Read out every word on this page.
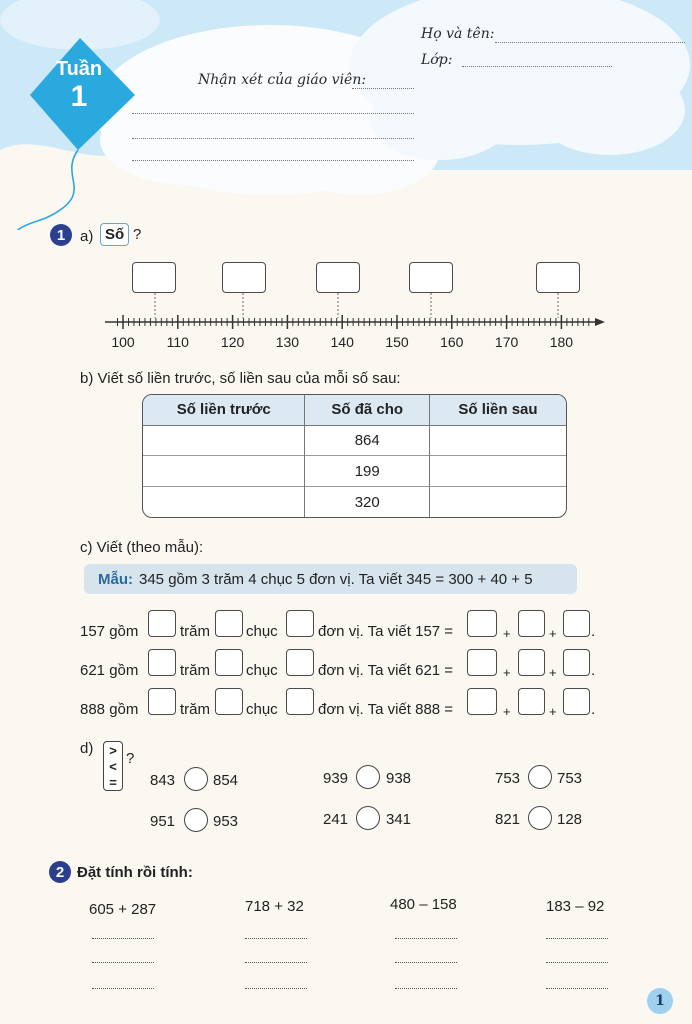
Tuần
1	Nhận xét của giáo viên:
Họ và tên:
Lớp:
1 a) Số ?
100 110 120 130 140 150 160 170 180
b) Viết số liền trước, số liền sau của mỗi số sau:
Số liền trước	Số đã cho	Số liền sau
	864	
	199	
	320	
c) Viết (theo mẫu):
Mẫu: 345 gồm 3 trăm 4 chục 5 đơn vị. Ta viết 345 = 300 + 40 + 5
157 gồm	trăm chục	đơn vị. Ta viết 157 =	+	+ .
621 gồm	trăm chục	đơn vị. Ta viết 621 =	+	+ .
888 gồm	trăm chục	đơn vị. Ta viết 888 =	+	+ .
d) >
<
=
?
843	854	939	938	753 753
951	953	241	341	821 128
2 Đặt tính rồi tính:
605 + 287	718 + 32	480 – 158	183 – 92
1
